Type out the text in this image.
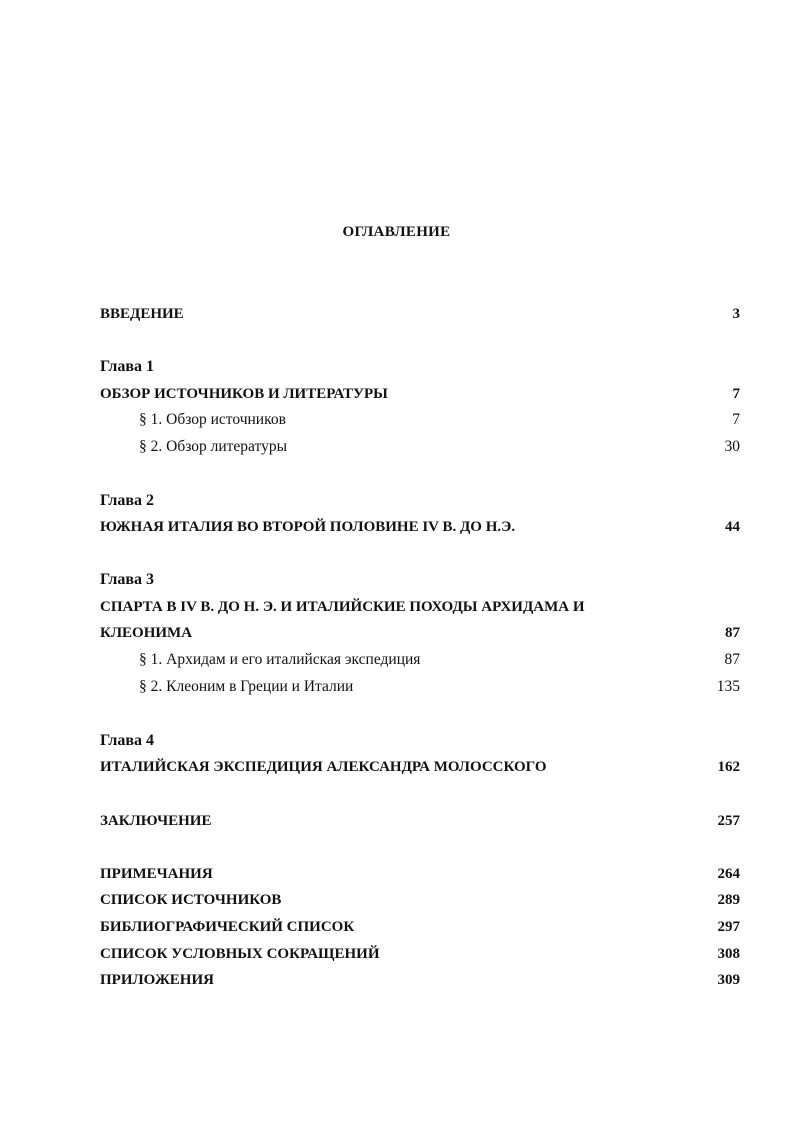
ОГЛАВЛЕНИЕ
ВВЕДЕНИЕ	3
Глава 1
ОБЗОР ИСТОЧНИКОВ И ЛИТЕРАТУРЫ	7
§ 1. Обзор источников	7
§ 2. Обзор литературы	30
Глава 2
ЮЖНАЯ ИТАЛИЯ ВО ВТОРОЙ ПОЛОВИНЕ IV В. ДО Н.Э.	44
Глава 3
СПАРТА В IV В. ДО Н. Э. И ИТАЛИЙСКИЕ ПОХОДЫ АРХИДАМА И
КЛЕОНИМА	87
§ 1. Архидам и его италийская экспедиция	87
§ 2. Клеоним в Греции и Италии	135
Глава 4
ИТАЛИЙСКАЯ ЭКСПЕДИЦИЯ АЛЕКСАНДРА МОЛОССКОГО	162
ЗАКЛЮЧЕНИЕ	257
ПРИМЕЧАНИЯ	264
СПИСОК ИСТОЧНИКОВ	289
БИБЛИОГРАФИЧЕСКИЙ СПИСОК	297
СПИСОК УСЛОВНЫХ СОКРАЩЕНИЙ	308
ПРИЛОЖЕНИЯ	309
